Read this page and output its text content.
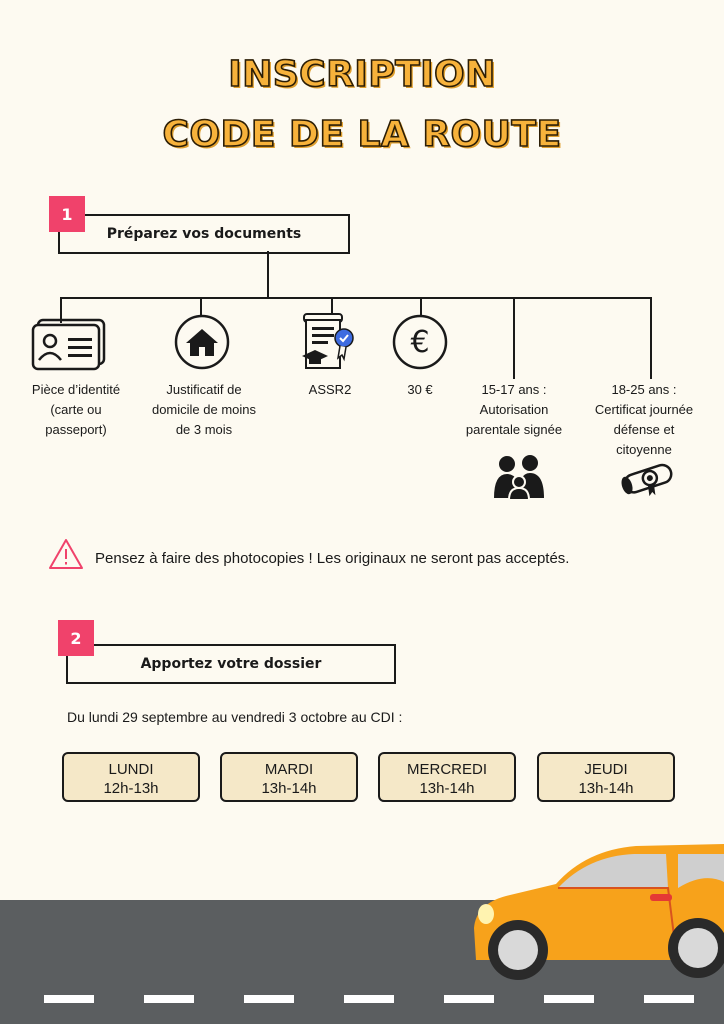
INSCRIPTION
CODE DE LA ROUTE
Préparez vos documents
1
€
Pièce d’identité
(carte ou
passeport)
Justificatif de
domicile de moins
de 3 mois
ASSR2	30 €	15-17 ans :
Autorisation
parentale signée
18-25 ans :
Certificat journée
défense et
citoyenne
Pensez à faire des photocopies ! Les originaux ne seront pas acceptés.
Apportez votre dossier
2
Du lundi 29 septembre au vendredi 3 octobre au CDI :
LUNDI
12h-13h
MARDI
13h-14h
MERCREDI
13h-14h
JEUDI
13h-14h
